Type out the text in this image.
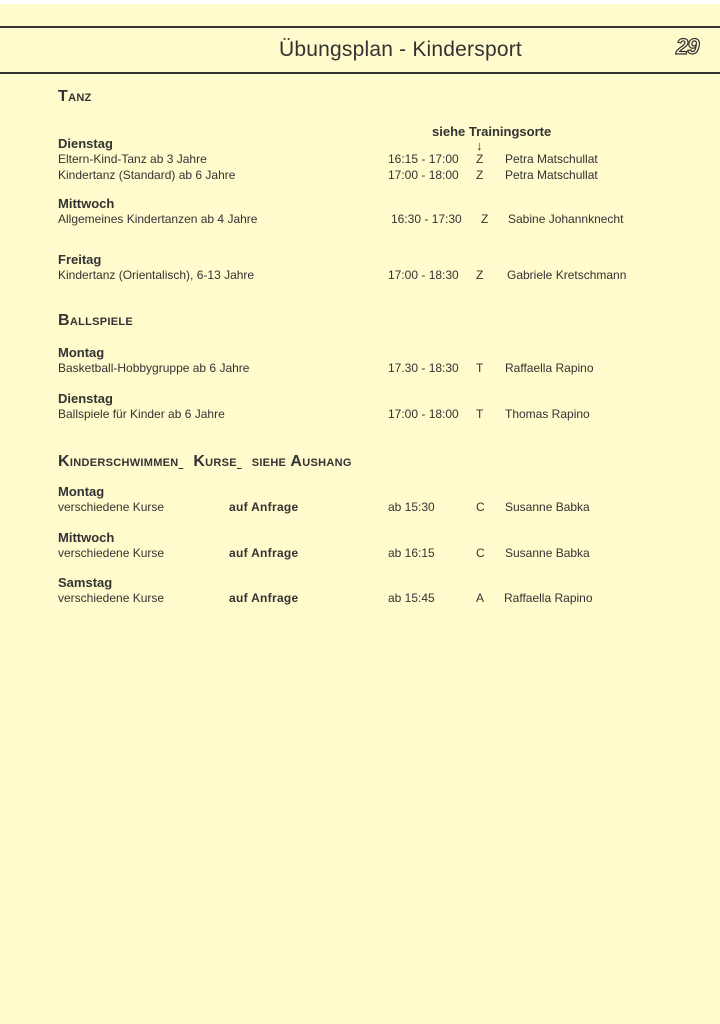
Übungsplan - Kindersport	29
Tanz
siehe Trainingsorte
↓
Dienstag
Eltern-Kind-Tanz ab 3 Jahre	16:15 - 17:00 Z Petra Matschullat
Kindertanz (Standard) ab 6 Jahre	17:00 - 18:00 Z Petra Matschullat
Mittwoch
Allgemeines Kindertanzen ab 4 Jahre	16:30 - 17:30 Z Sabine Johannknecht
Freitag
Kindertanz (Orientalisch), 6-13 Jahre	17:00 - 18:30 Z Gabriele Kretschmann
Ballspiele
Montag
Basketball-Hobbygruppe ab 6 Jahre	17.30 - 18:30 T Raffaella Rapino
Dienstag
Ballspiele für Kinder ab 6 Jahre	17:00 - 18:00 T Thomas Rapino
Kinderschwimmen Kurse siehe Aushang
Montag
verschiedene Kurse	auf Anfrage	ab 15:30	C Susanne Babka
Mittwoch
verschiedene Kurse	auf Anfrage	ab 16:15	C Susanne Babka
Samstag
verschiedene Kurse	auf Anfrage	ab 15:45	A Raffaella Rapino
